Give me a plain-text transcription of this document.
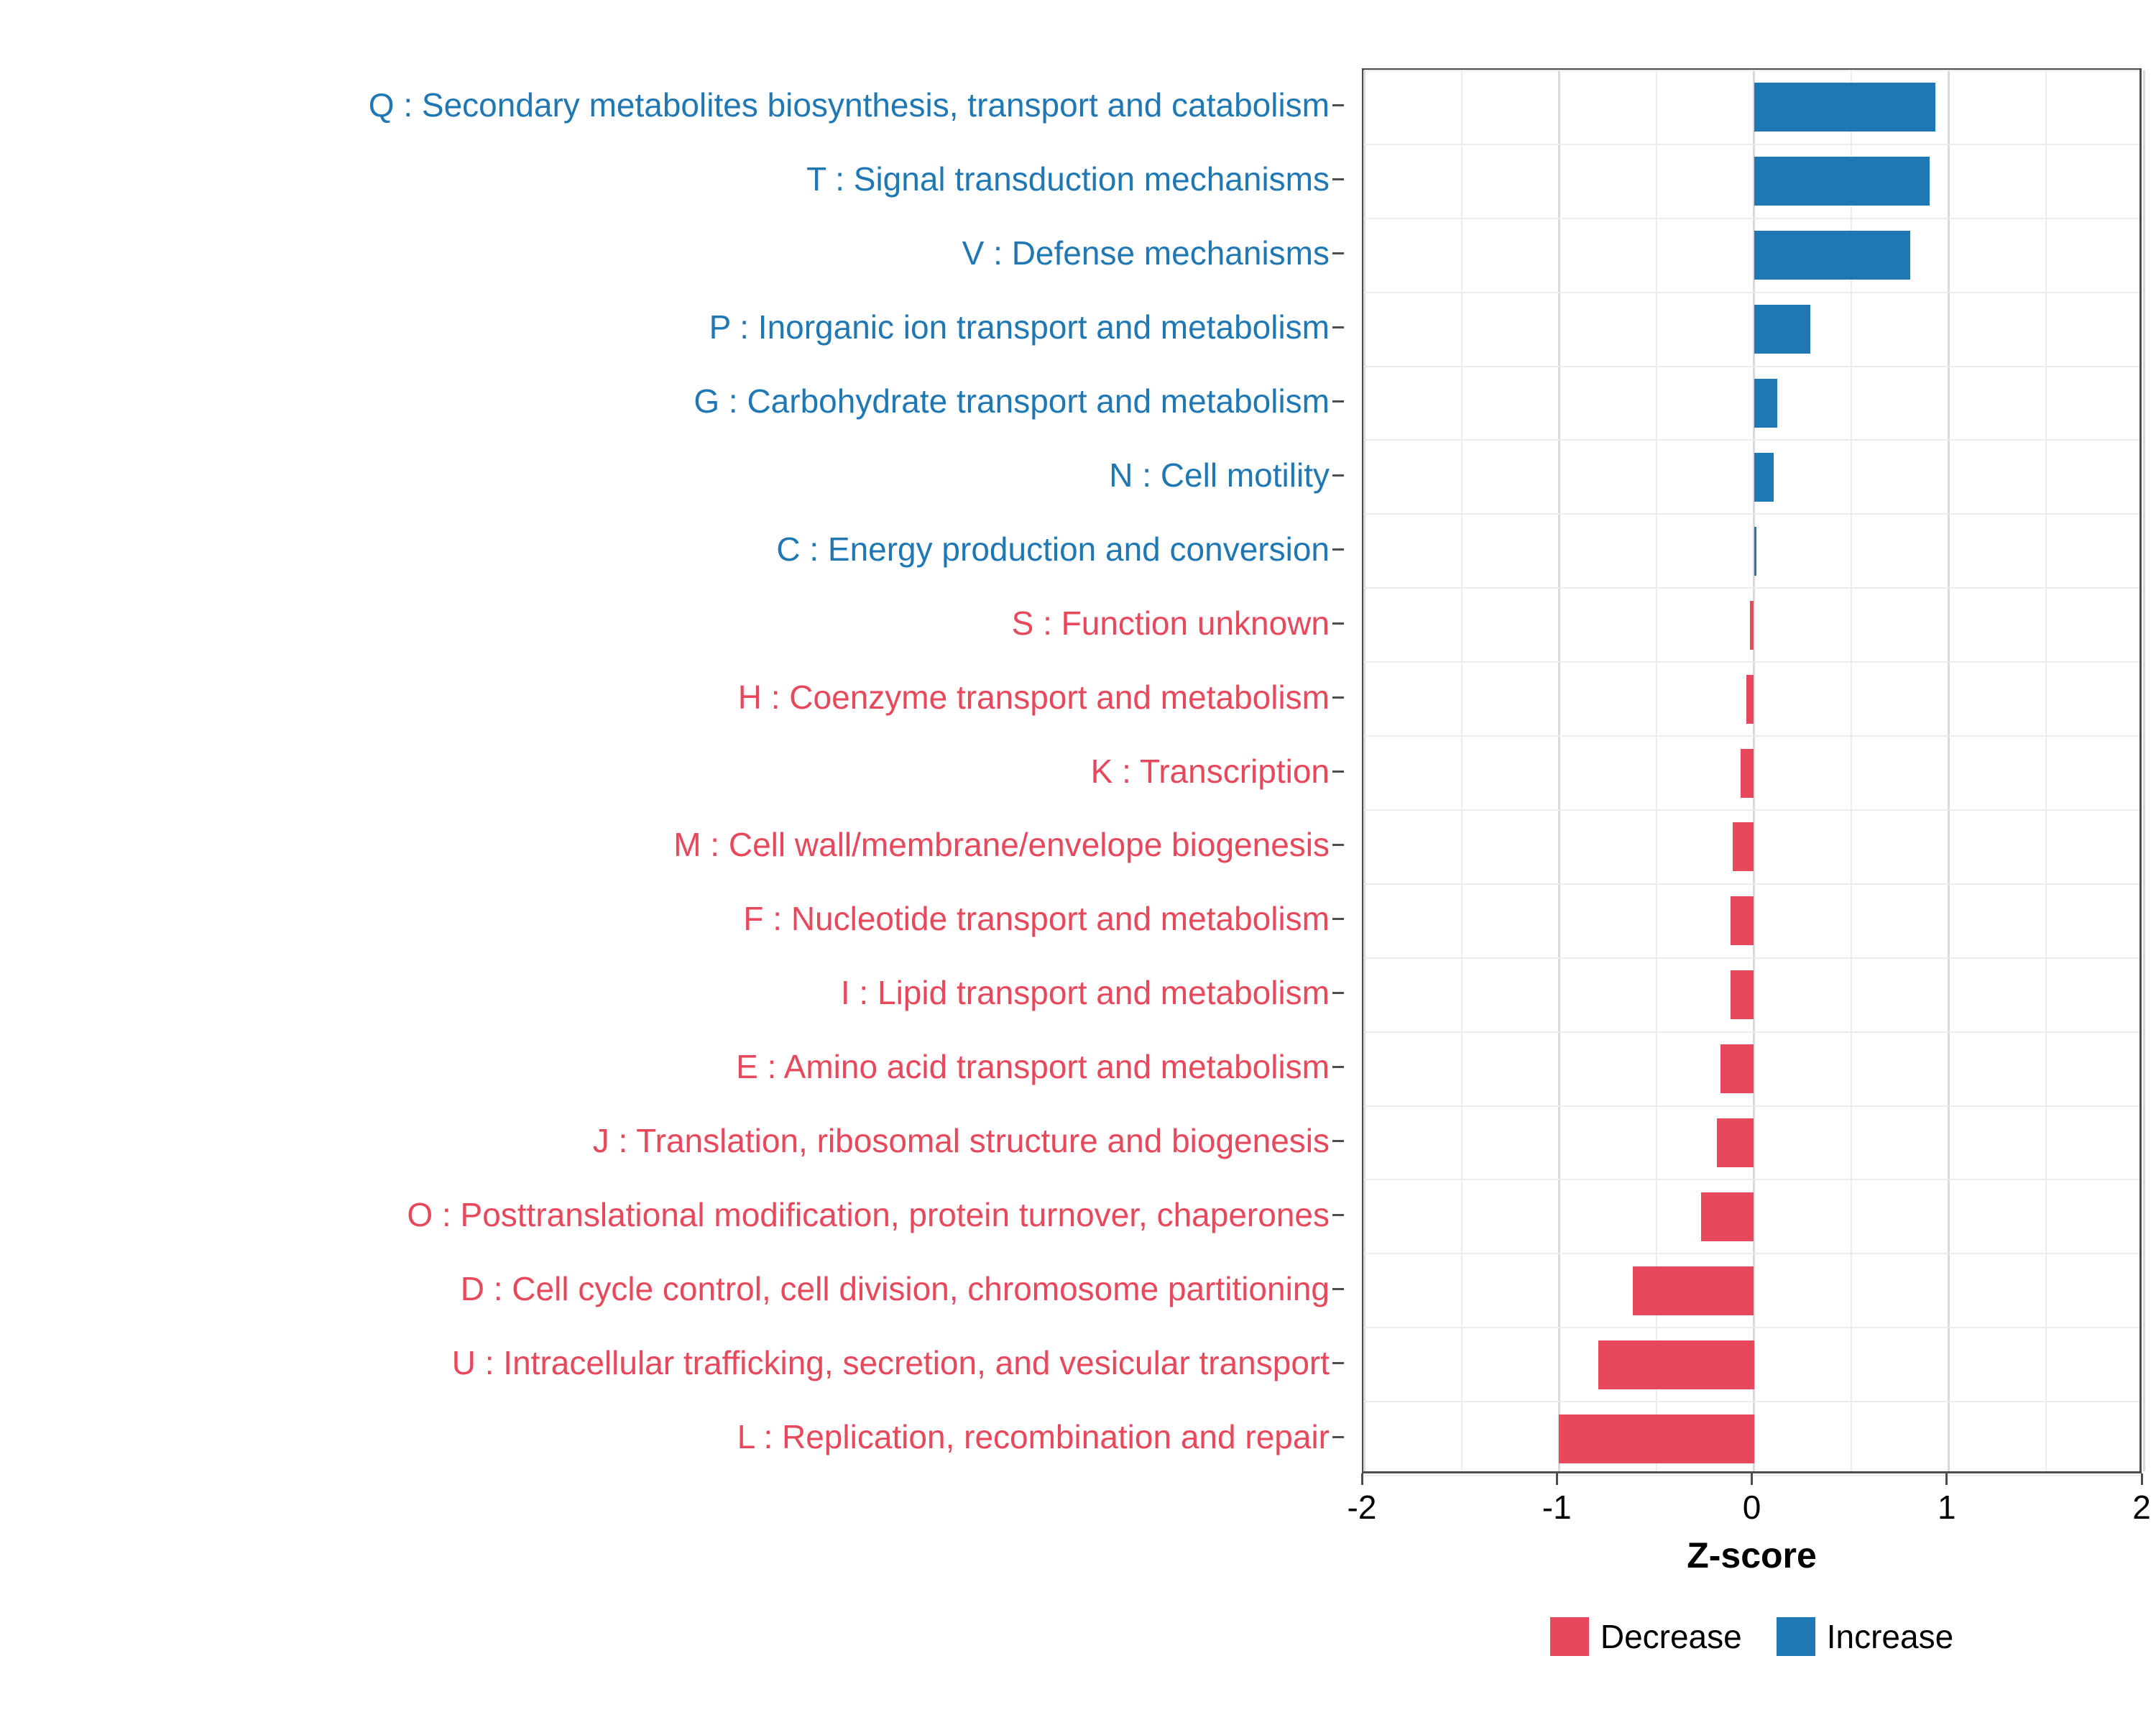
Q : Secondary metabolites biosynthesis, transport and catabolism
T : Signal transduction mechanisms
V : Defense mechanisms
P : Inorganic ion transport and metabolism
G : Carbohydrate transport and metabolism
N : Cell motility
C : Energy production and conversion
S : Function unknown
H : Coenzyme transport and metabolism
K : Transcription
M : Cell wall/membrane/envelope biogenesis
F : Nucleotide transport and metabolism
I : Lipid transport and metabolism
E : Amino acid transport and metabolism
J : Translation, ribosomal structure and biogenesis
O : Posttranslational modification, protein turnover, chaperones
D : Cell cycle control, cell division, chromosome partitioning
U : Intracellular trafficking, secretion, and vesicular transport
L : Replication, recombination and repair
-2	-1	0	1	2
Z-score
Decrease	Increase
